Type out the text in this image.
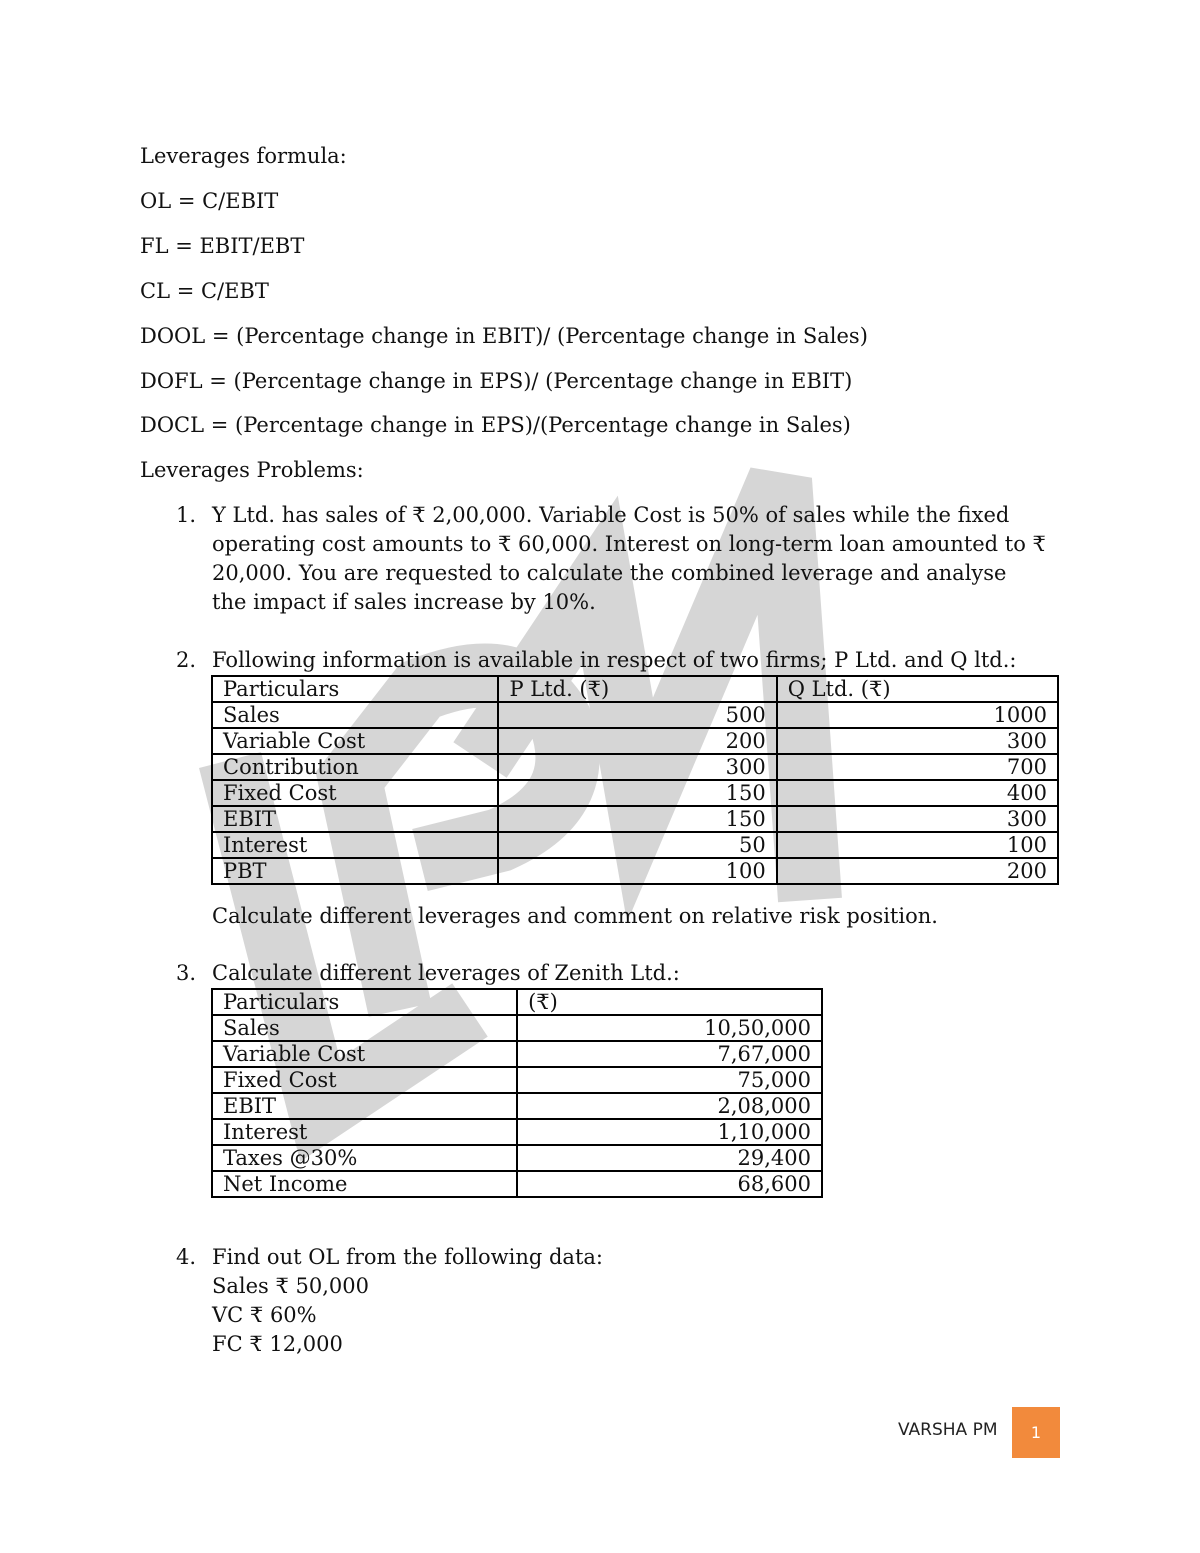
Leverages formula:
OL = C/EBIT
FL = EBIT/EBT
CL = C/EBT
DOOL = (Percentage change in EBIT)/ (Percentage change in Sales)
DOFL = (Percentage change in EPS)/ (Percentage change in EBIT)
DOCL = (Percentage change in EPS)/(Percentage change in Sales)
Leverages Problems:
1. Y Ltd. has sales of ₹ 2,00,000. Variable Cost is 50% of sales while the fixed operating cost amounts to ₹ 60,000. Interest on long-term loan amounted to ₹ 20,000. You are requested to calculate the combined leverage and analyse the impact if sales increase by 10%.

2. Following information is available in respect of two firms; P Ltd. and Q ltd.:

Particulars	P Ltd. (₹)	Q Ltd. (₹)
Sales	500	1000
Variable Cost	200	300
Contribution	300	700
Fixed Cost	150	400
EBIT	150	300
Interest	50	100
PBT	100	200
Calculate different leverages and comment on relative risk position.
3. Calculate different leverages of Zenith Ltd.:

Particulars	(₹)
Sales	10,50,000
Variable Cost	7,67,000
Fixed Cost	75,000
EBIT	2,08,000
Interest	1,10,000
Taxes @30%	29,400
Net Income	68,600
4. Find out OL from the following data:

Sales ₹ 50,000

VC ₹ 60%

FC ₹ 12,000

VARSHA PM	1
